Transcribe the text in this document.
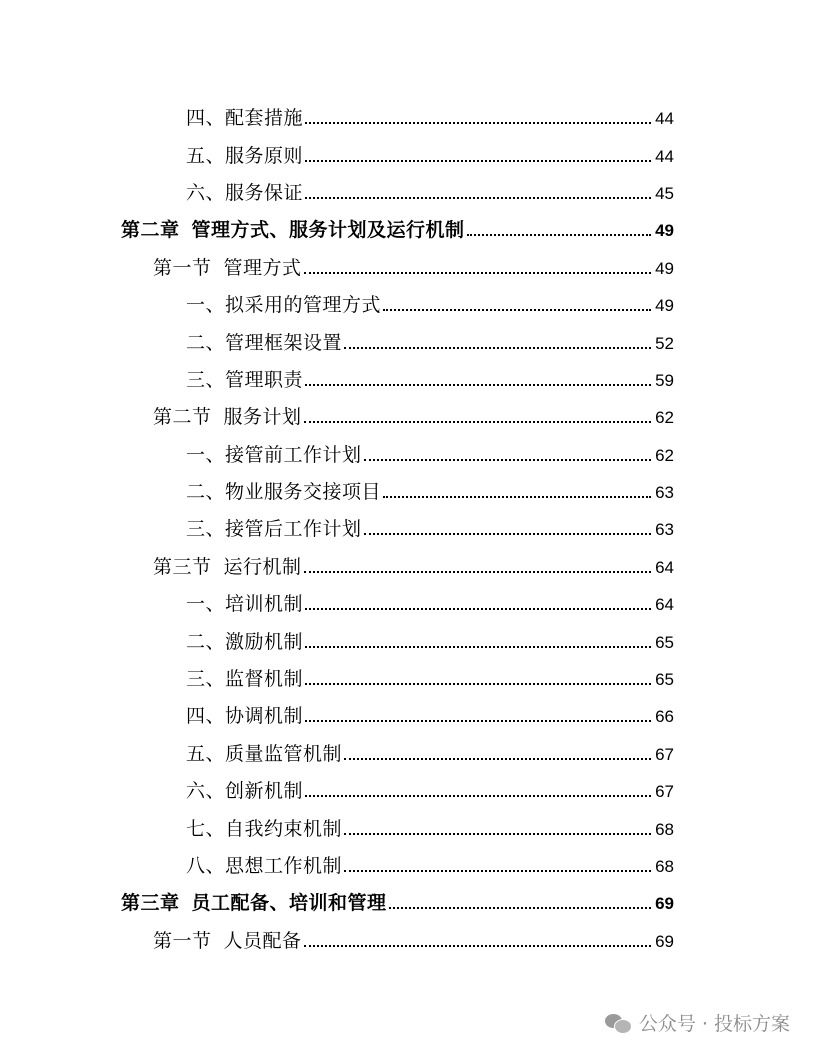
四、配套措施	44
五、服务原则	44
六、服务保证	45
第二章 管理方式、服务计划及运行机制	49
第一节 管理方式	49
一、拟采用的管理方式	49
二、管理框架设置	52
三、管理职责	59
第二节 服务计划	62
一、接管前工作计划	62
二、物业服务交接项目	63
三、接管后工作计划	63
第三节 运行机制	64
一、培训机制	64
二、激励机制	65
三、监督机制	65
四、协调机制	66
五、质量监管机制	67
六、创新机制	67
七、自我约束机制	68
八、思想工作机制	68
第三章 员工配备、培训和管理	69
第一节 人员配备	69
公众号 · 投标方案
